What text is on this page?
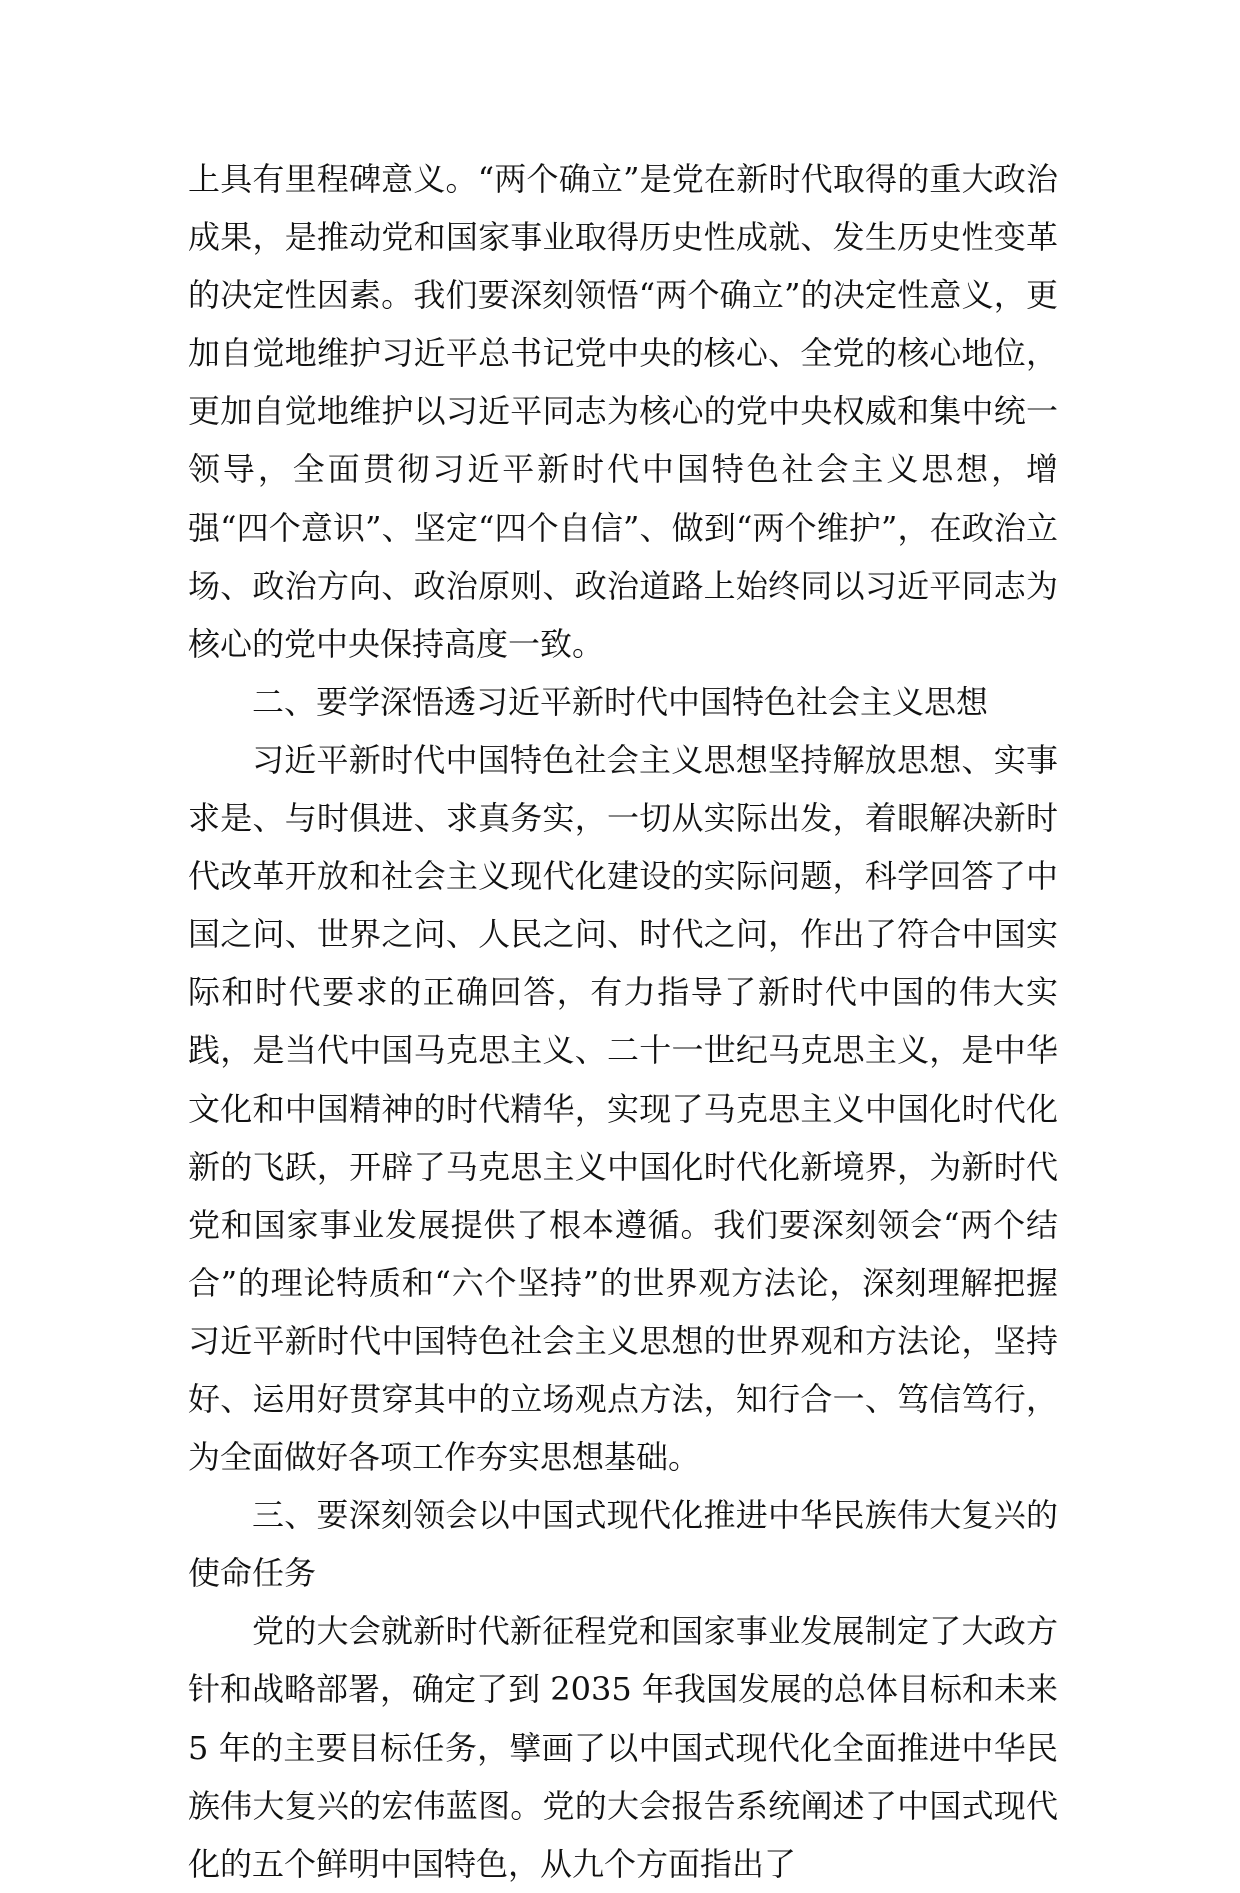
上具有里程碑意义。“两个确立”是党在新时代取得的重大政治成果，是推动党和国家事业取得历史性成就、发生历史性变革的决定性因素。我们要深刻领悟“两个确立”的决定性意义，更加自觉地维护习近平总书记党中央的核心、全党的核心地位，更加自觉地维护以习近平同志为核心的党中央权威和集中统一领导，全面贯彻习近平新时代中国特色社会主义思想，增强“四个意识”、坚定“四个自信”、做到“两个维护”，在政治立场、政治方向、政治原则、政治道路上始终同以习近平同志为核心的党中央保持高度一致。

二、要学深悟透习近平新时代中国特色社会主义思想

习近平新时代中国特色社会主义思想坚持解放思想、实事求是、与时俱进、求真务实，一切从实际出发，着眼解决新时代改革开放和社会主义现代化建设的实际问题，科学回答了中国之问、世界之问、人民之问、时代之问，作出了符合中国实际和时代要求的正确回答，有力指导了新时代中国的伟大实践，是当代中国马克思主义、二十一世纪马克思主义，是中华文化和中国精神的时代精华，实现了马克思主义中国化时代化新的飞跃，开辟了马克思主义中国化时代化新境界，为新时代党和国家事业发展提供了根本遵循。我们要深刻领会“两个结合”的理论特质和“六个坚持”的世界观方法论，深刻理解把握习近平新时代中国特色社会主义思想的世界观和方法论，坚持好、运用好贯穿其中的立场观点方法，知行合一、笃信笃行，为全面做好各项工作夯实思想基础。

三、要深刻领会以中国式现代化推进中华民族伟大复兴的使命任务

党的大会就新时代新征程党和国家事业发展制定了大政方针和战略部署，确定了到 2035 年我国发展的总体目标和未来 5 年的主要目标任务，擘画了以中国式现代化全面推进中华民族伟大复兴的宏伟蓝图。党的大会报告系统阐述了中国式现代化的五个鲜明中国特色，从九个方面指出了
